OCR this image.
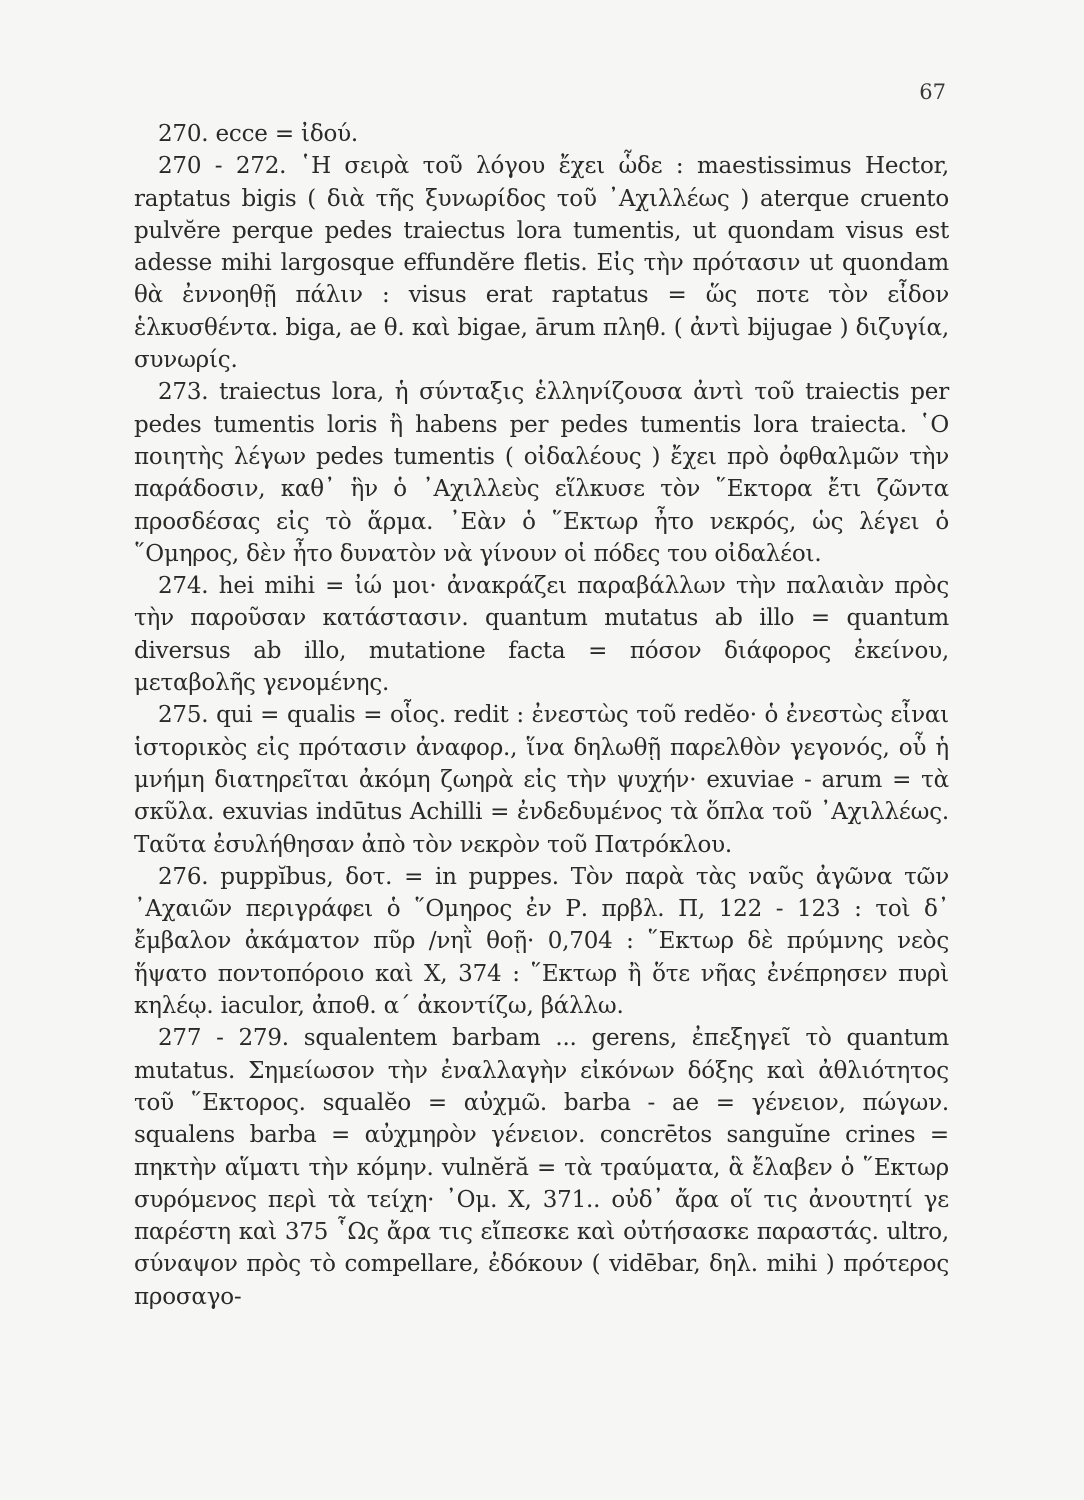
67

270. ecce = ἰδού.

270 - 272. ῾Η σειρὰ τοῦ λόγου ἔχει ὧδε : maestissimus Hector, raptatus bigis ( διὰ τῆς ξυνωρίδος τοῦ ᾿Αχιλλέως ) aterque cruento pulvĕre perque pedes traiectus lora tumentis, ut quondam visus est adesse mihi largosque effundĕre fletis. Εἰς τὴν πρότασιν ut quondam θὰ ἐννοηθῇ πάλιν : visus erat raptatus = ὥς ποτε τὸν εἶδον ἑλκυσθέντα. biga, ae θ. καὶ bigae, ārum πληθ. ( ἀντὶ bijugae ) διζυγία, συνωρίς.

273. traiectus lora, ἡ σύνταξις ἑλληνίζουσα ἀντὶ τοῦ traiectis per pedes tumentis loris ἢ habens per pedes tumentis lora traiecta. ῾Ο ποιητὴς λέγων pedes tumentis ( οἰδαλέους ) ἔχει πρὸ ὀφθαλμῶν τὴν παράδοσιν, καθ᾿ ἣν ὁ ᾿Αχιλλεὺς εἵλκυσε τὸν ῞Εκτορα ἔτι ζῶντα προσδέσας εἰς τὸ ἅρμα. ᾿Εὰν ὁ ῞Εκτωρ ἦτο νεκρός, ὡς λέγει ὁ ῞Ομηρος, δὲν ἦτο δυνατὸν νὰ γίνουν οἱ πόδες του οἰδαλέοι.

274. hei mihi = ἰώ μοι· ἀνακράζει παραβάλλων τὴν παλαιὰν πρὸς τὴν παροῦσαν κατάστασιν. quantum mutatus ab illo = quantum diversus ab illo, mutatione facta = πόσον διάφορος ἐκείνου, μεταβολῆς γενομένης.

275. qui = qualis = οἷος. redit : ἐνεστὼς τοῦ redĕo· ὁ ἐνεστὼς εἶναι ἱστορικὸς εἰς πρότασιν ἀναφορ., ἵνα δηλωθῇ παρελθὸν γεγονός, οὗ ἡ μνήμη διατηρεῖται ἀκόμη ζωηρὰ εἰς τὴν ψυχήν· exuviae - arum = τὰ σκῦλα. exuvias indūtus Achilli = ἐνδεδυμένος τὰ ὅπλα τοῦ ᾿Αχιλλέως. Ταῦτα ἐσυλήθησαν ἀπὸ τὸν νεκρὸν τοῦ Πατρόκλου.

276. puppĭbus, δοτ. = in puppes. Τὸν παρὰ τὰς ναῦς ἀγῶνα τῶν ᾿Αχαιῶν περιγράφει ὁ ῞Ομηρος ἐν Ρ. πρβλ. Π, 122 - 123 : τοὶ δ᾿ ἔμβαλον ἀκάματον πῦρ /νηῒ θοῇ· 0,704 : ῞Εκτωρ δὲ πρύμνης νεὸς ἥψατο ποντοπόροιο καὶ Χ, 374 : ῞Εκτωρ ἢ ὅτε νῆας ἐνέπρησεν πυρὶ κηλέῳ. iaculor, ἀποθ. α΄ ἀκοντίζω, βάλλω.

277 - 279. squalentem barbam ... gerens, ἐπεξηγεῖ τὸ quantum mutatus. Σημείωσον τὴν ἐναλλαγὴν εἰκόνων δόξης καὶ ἀθλιότητος τοῦ ῞Εκτορος. squalĕo = αὐχμῶ. barba - ae = γένειον, πώγων. squalens barba = αὐχμηρὸν γένειον. concrētos sanguĭne crines = πηκτὴν αἵματι τὴν κόμην. vulnĕră = τὰ τραύματα, ἃ ἔλαβεν ὁ ῞Εκτωρ συρόμενος περὶ τὰ τείχη· ᾿Ομ. Χ, 371.. οὐδ᾿ ἄρα οἵ τις ἀνουτητί γε παρέστη καὶ 375 ῟Ως ἄρα τις εἴπεσκε καὶ οὐτήσασκε παραστάς. ultro, σύναψον πρὸς τὸ compellare, ἐδόκουν ( vidēbar, δηλ. mihi ) πρότερος προσαγο-
